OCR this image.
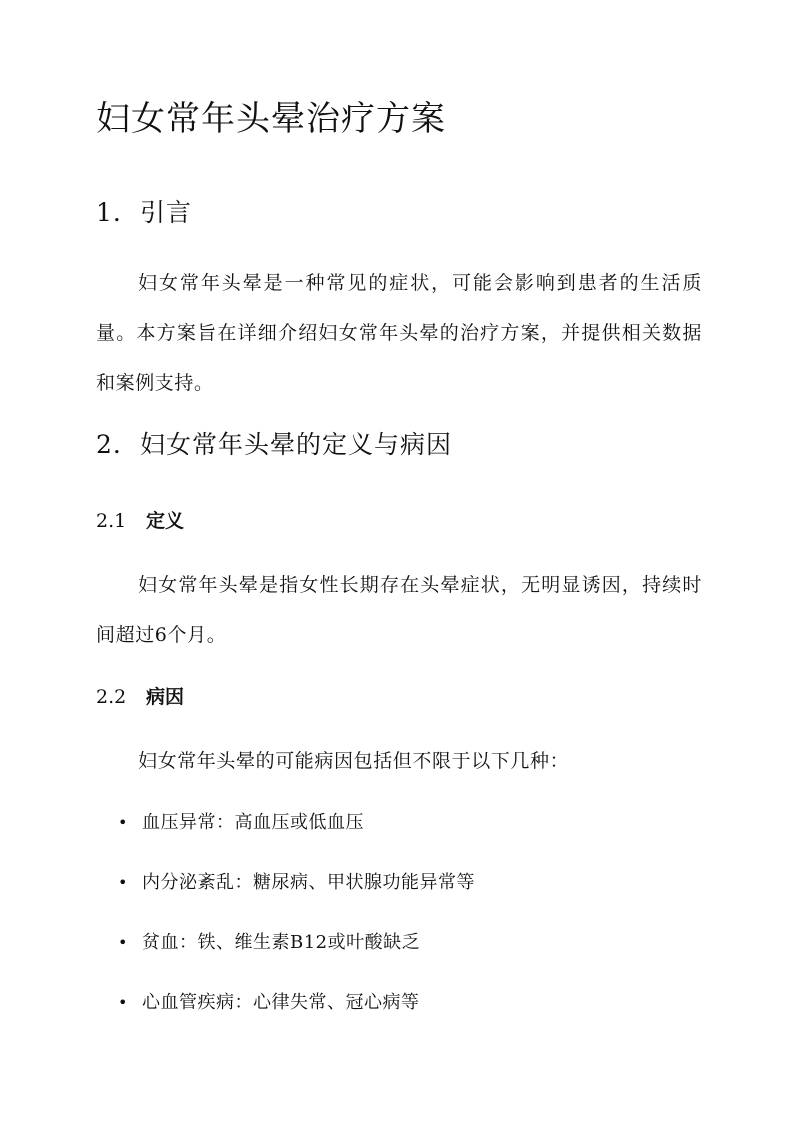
妇女常年头晕治疗方案
1. 引言
妇女常年头晕是一种常见的症状，可能会影响到患者的生活质量。本方案旨在详细介绍妇女常年头晕的治疗方案，并提供相关数据和案例支持。
2. 妇女常年头晕的定义与病因
2.1 定义
妇女常年头晕是指女性长期存在头晕症状，无明显诱因，持续时间超过6个月。
2.2 病因
妇女常年头晕的可能病因包括但不限于以下几种：
• 血压异常：高血压或低血压
• 内分泌紊乱：糖尿病、甲状腺功能异常等
• 贫血：铁、维生素B12或叶酸缺乏
• 心血管疾病：心律失常、冠心病等
